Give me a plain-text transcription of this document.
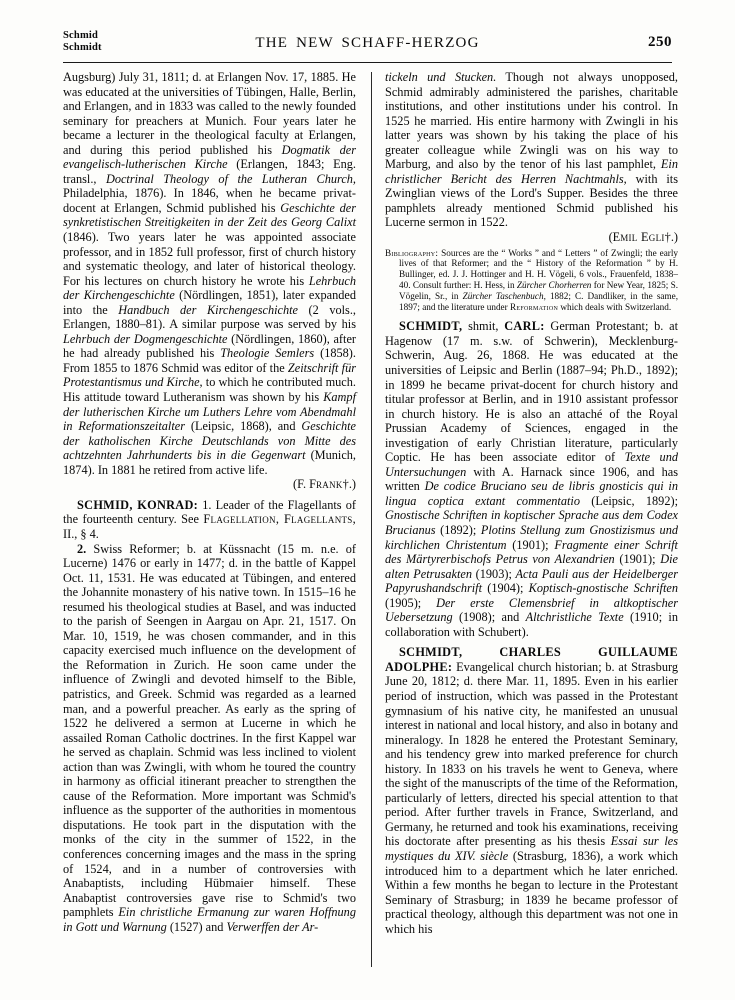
Schmid
Schmidt	THE NEW SCHAFF-HERZOG	250

Augsburg) July 31, 1811; d. at Erlangen Nov. 17, 1885. He was educated at the universities of Tübingen, Halle, Berlin, and Erlangen, and in 1833 was called to the newly founded seminary for preachers at Munich. Four years later he became a lecturer in the theological faculty at Erlangen, and during this period published his Dogmatik der evangelisch-lutherischen Kirche (Erlangen, 1843; Eng. transl., Doctrinal Theology of the Lutheran Church, Philadelphia, 1876). In 1846, when he became privat-docent at Erlangen, Schmid published his Geschichte der synkretistischen Streitigkeiten in der Zeit des Georg Calixt (1846). Two years later he was appointed associate professor, and in 1852 full professor, first of church history and systematic theology, and later of historical theology. For his lectures on church history he wrote his Lehrbuch der Kirchengeschichte (Nördlingen, 1851), later expanded into the Handbuch der Kirchengeschichte (2 vols., Erlangen, 1880–81). A similar purpose was served by his Lehrbuch der Dogmengeschichte (Nördlingen, 1860), after he had already published his Theologie Semlers (1858). From 1855 to 1876 Schmid was editor of the Zeitschrift für Protestantismus und Kirche, to which he contributed much. His attitude toward Lutheranism was shown by his Kampf der lutherischen Kirche um Luthers Lehre vom Abendmahl in Reformationszeitalter (Leipsic, 1868), and Geschichte der katholischen Kirche Deutschlands von Mitte des achtzehnten Jahrhunderts bis in die Gegenwart (Munich, 1874). In 1881 he retired from active life.

(F. Frank†.)

SCHMID, KONRAD: 1. Leader of the Flagellants of the fourteenth century. See Flagellation, Flagellants, II., § 4.

2. Swiss Reformer; b. at Küssnacht (15 m. n.e. of Lucerne) 1476 or early in 1477; d. in the battle of Kappel Oct. 11, 1531. He was educated at Tübingen, and entered the Johannite monastery of his native town. In 1515–16 he resumed his theological studies at Basel, and was inducted to the parish of Seengen in Aargau on Apr. 21, 1517. On Mar. 10, 1519, he was chosen commander, and in this capacity exercised much influence on the development of the Reformation in Zurich. He soon came under the influence of Zwingli and devoted himself to the Bible, patristics, and Greek. Schmid was regarded as a learned man, and a powerful preacher. As early as the spring of 1522 he delivered a sermon at Lucerne in which he assailed Roman Catholic doctrines. In the first Kappel war he served as chaplain. Schmid was less inclined to violent action than was Zwingli, with whom he toured the country in harmony as official itinerant preacher to strengthen the cause of the Reformation. More important was Schmid's influence as the supporter of the authorities in momentous disputations. He took part in the disputation with the monks of the city in the summer of 1522, in the conferences concerning images and the mass in the spring of 1524, and in a number of controversies with Anabaptists, including Hübmaier himself. These Anabaptist controversies gave rise to Schmid's two pamphlets Ein christliche Ermanung zur waren Hoffnung in Gott und Warnung (1527) and Verwerffen der Ar-

tickeln und Stucken. Though not always unopposed, Schmid admirably administered the parishes, charitable institutions, and other institutions under his control. In 1525 he married. His entire harmony with Zwingli in his latter years was shown by his taking the place of his greater colleague while Zwingli was on his way to Marburg, and also by the tenor of his last pamphlet, Ein christlicher Bericht des Herren Nachtmahls, with its Zwinglian views of the Lord's Supper. Besides the three pamphlets already mentioned Schmid published his Lucerne sermon in 1522.
(Emil Egli†.)

Bibliography: Sources are the “ Works ” and “ Letters ” of Zwingli; the early lives of that Reformer; and the “ History of the Reformation ” by H. Bullinger, ed. J. J. Hottinger and H. H. Vögeli, 6 vols., Frauenfeld, 1838–40. Consult further: H. Hess, in Zürcher Chorherren for New Year, 1825; S. Vögelin, Sr., in Zürcher Taschenbuch, 1882; C. Dandliker, in the same, 1897; and the literature under Reformation which deals with Switzerland.

SCHMIDT, shmit, CARL: German Protestant; b. at Hagenow (17 m. s.w. of Schwerin), Mecklenburg-Schwerin, Aug. 26, 1868. He was educated at the universities of Leipsic and Berlin (1887–94; Ph.D., 1892); in 1899 he became privat-docent for church history and titular professor at Berlin, and in 1910 assistant professor in church history. He is also an attaché of the Royal Prussian Academy of Sciences, engaged in the investigation of early Christian literature, particularly Coptic. He has been associate editor of Texte und Untersuchungen with A. Harnack since 1906, and has written De codice Bruciano seu de libris gnosticis qui in lingua coptica extant commentatio (Leipsic, 1892); Gnostische Schriften in koptischer Sprache aus dem Codex Brucianus (1892); Plotins Stellung zum Gnostizismus und kirchlichen Christentum (1901); Fragmente einer Schrift des Märtyrerbischofs Petrus von Alexandrien (1901); Die alten Petrusakten (1903); Acta Pauli aus der Heidelberger Papyrushandschrift (1904); Koptisch-gnostische Schriften (1905); Der erste Clemensbrief in altkoptischer Uebersetzung (1908); and Altchristliche Texte (1910; in collaboration with Schubert).

SCHMIDT, CHARLES GUILLAUME ADOLPHE: Evangelical church historian; b. at Strasburg June 20, 1812; d. there Mar. 11, 1895. Even in his earlier period of instruction, which was passed in the Protestant gymnasium of his native city, he manifested an unusual interest in national and local history, and also in botany and mineralogy. In 1828 he entered the Protestant Seminary, and his tendency grew into marked preference for church history. In 1833 on his travels he went to Geneva, where the sight of the manuscripts of the time of the Reformation, particularly of letters, directed his special attention to that period. After further travels in France, Switzerland, and Germany, he returned and took his examinations, receiving his doctorate after presenting as his thesis Essai sur les mystiques du XIV. siècle (Strasburg, 1836), a work which introduced him to a department which he later enriched. Within a few months he began to lecture in the Protestant Seminary of Strasburg; in 1839 he became professor of practical theology, although this department was not one in which his
